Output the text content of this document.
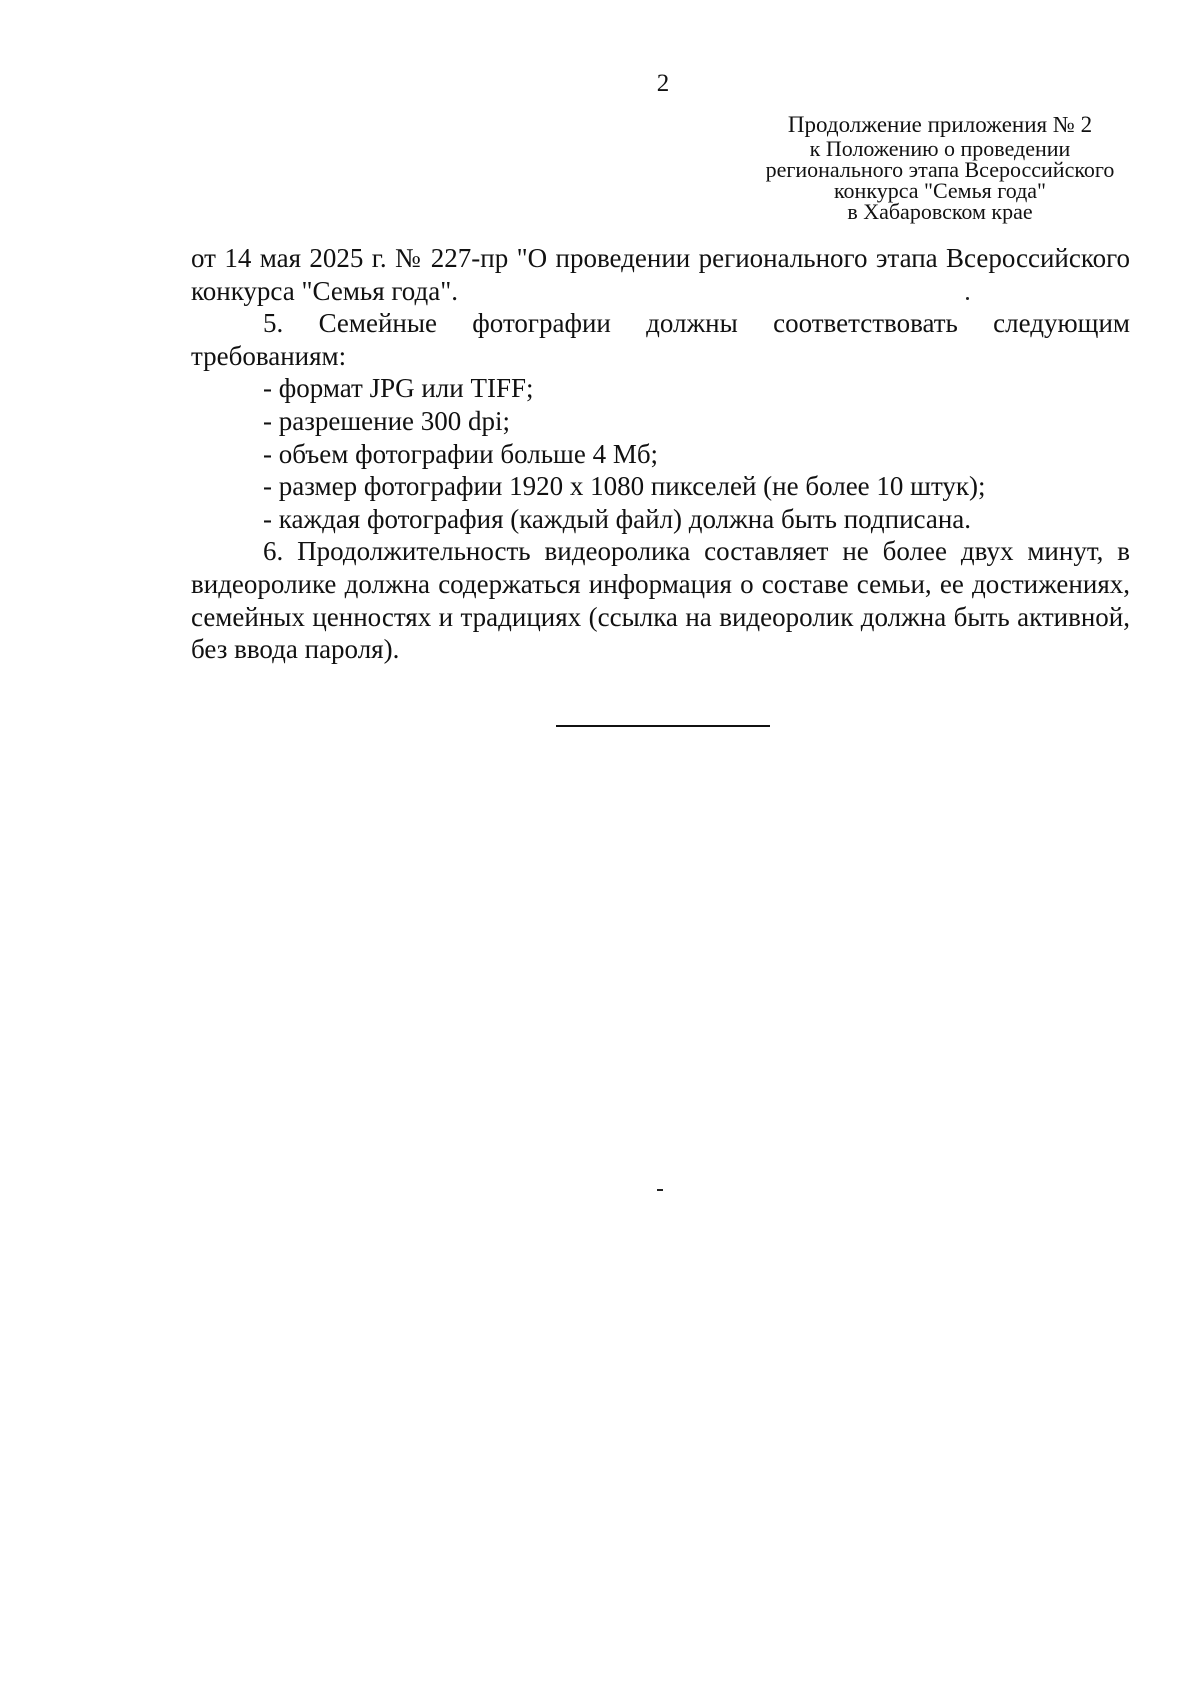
2
Продолжение приложения № 2
к Положению о проведении
регионального этапа Всероссийского
конкурса "Семья года"
в Хабаровском крае

от 14 мая 2025 г. № 227-пр "О проведении регионального этапа Всероссийского конкурса "Семья года".

5. Семейные фотографии должны соответствовать следующим требованиям:

- формат JPG или TIFF;

- разрешение 300 dpi;

- объем фотографии больше 4 Мб;

- размер фотографии 1920 х 1080 пикселей (не более 10 штук);

- каждая фотография (каждый файл) должна быть подписана.

6. Продолжительность видеоролика составляет не более двух минут, в видеоролике должна содержаться информация о составе семьи, ее достижениях, семейных ценностях и традициях (ссылка на видеоролик должна быть активной, без ввода пароля).
